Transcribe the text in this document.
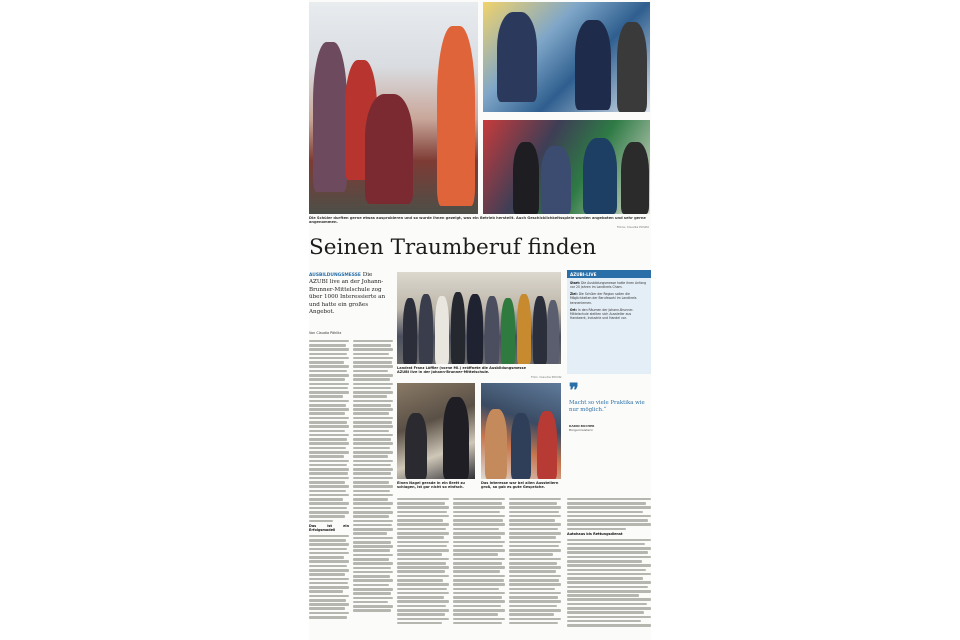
Die Schüler durften gerne etwas ausprobieren und so wurde ihnen gezeigt, was ein Betrieb herstellt. Auch Geschicklichkeitsspiele wurden angeboten und sehr gerne angenommen.
Fotos: Claudia Pöhlitz
Seinen Traumberuf finden
AUSBILDUNGSMESSE Die AZUBI live an der Johann-Brunner-Mittelschule zog über 1000 Interessierte an und hatte ein großes Angebot.
Von Claudia Pöhlitz
Das ist ein Erfolgsmodell
Landrat Franz Löffler (vorne Mi.) eröffnete die Ausbildungsmesse AZUBI live in der Johann-Brunner-Mittelschule.
Foto: Claudia Pöhlitz
Einen Nagel gerade in ein Brett zu schlagen, ist gar nicht so einfach.
Das Interesse war bei allen Ausstellern groß, so gab es gute Gespräche.
AZUBI-LIVE
Start: Die Ausbildungsmesse hatte ihren Anfang vor 20 Jahren im Landkreis Cham.
Ziel: Die Schüler der Region sollen die Möglichkeiten der Berufswahl im Landkreis kennenlernen.
Ort: In den Räumen der Johann-Brunner-Mittelschule stellten sich Aussteller aus Handwerk, Industrie und Handel vor.
❞
Macht so viele Praktika wie nur möglich.“
KARIN BUCHER
Bürgermeisterin
Autohaus bis Rettungsdienst
